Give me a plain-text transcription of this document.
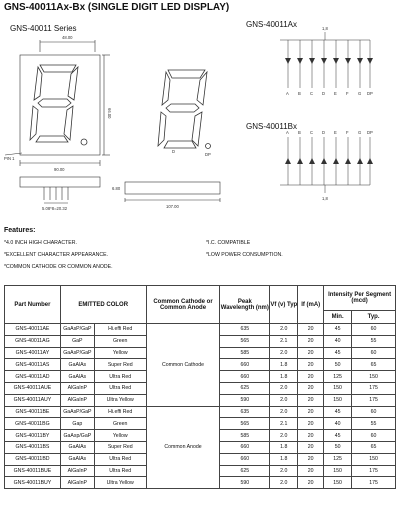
GNS-40011Ax-Bx (SINGLE DIGIT LED DISPLAY)
GNS-40011 Series	GNS-40011Ax
GNS-40011Bx
48.00
66.00
90.00
107.00
6.80
5.08*8=20.32
PIN 1
DP
D
1,8
1,8
A B C D E F G DP
A B C D E F G DP
Features:
*4.0 INCH HIGH CHARACTER.	*I.C. COMPATIBLE
*EXCELLENT CHARACTER APPEARANCE.	*LOW POWER CONSUMPTION.
*COMMON CATHODE OR COMMON ANODE.
Part Number	EMITTED COLOR		Common Cathode or Common Anode	Peak Wavelength (nm)	Vf (v) Typ	If (mA)	Intensity Per Segment (mcd)	
							Min.	Typ.
GNS-40011AE	GaAsP/GaP	Hi.effi Red	Common Cathode	635	2.0	20	45	60
GNS-40011AG	GaP	Green		565	2.1	20	40	55
GNS-40011AY	GaAsP/GaP	Yellow		585	2.0	20	45	60
GNS-40011AS	GaAlAs	Super Red		660	1.8	20	50	65
GNS-40011AD	GaAlAs	Ultra Red		660	1.8	20	125	150
GNS-40011AUE	AlGaInP	Ultra Red		625	2.0	20	150	175
GNS-40011AUY	AlGaInP	Ultra Yellow		590	2.0	20	150	175
GNS-40011BE	GaAsP/GaP	Hi.effi Red	Common Anode	635	2.0	20	45	60
GNS-40011BG	Gap	Green		565	2.1	20	40	55
GNS-40011BY	GaAsp/GaP	Yellow		585	2.0	20	45	60
GNS-40011BS	GaAlAs	Super Red		660	1.8	20	50	65
GNS-40011BD	GaAlAs	Ultra Red		660	1.8	20	125	150
GNS-40011BUE	AlGaInP	Ultra Red		625	2.0	20	150	175
GNS-40011BUY	AlGaInP	Ultra Yellow		590	2.0	20	150	175
